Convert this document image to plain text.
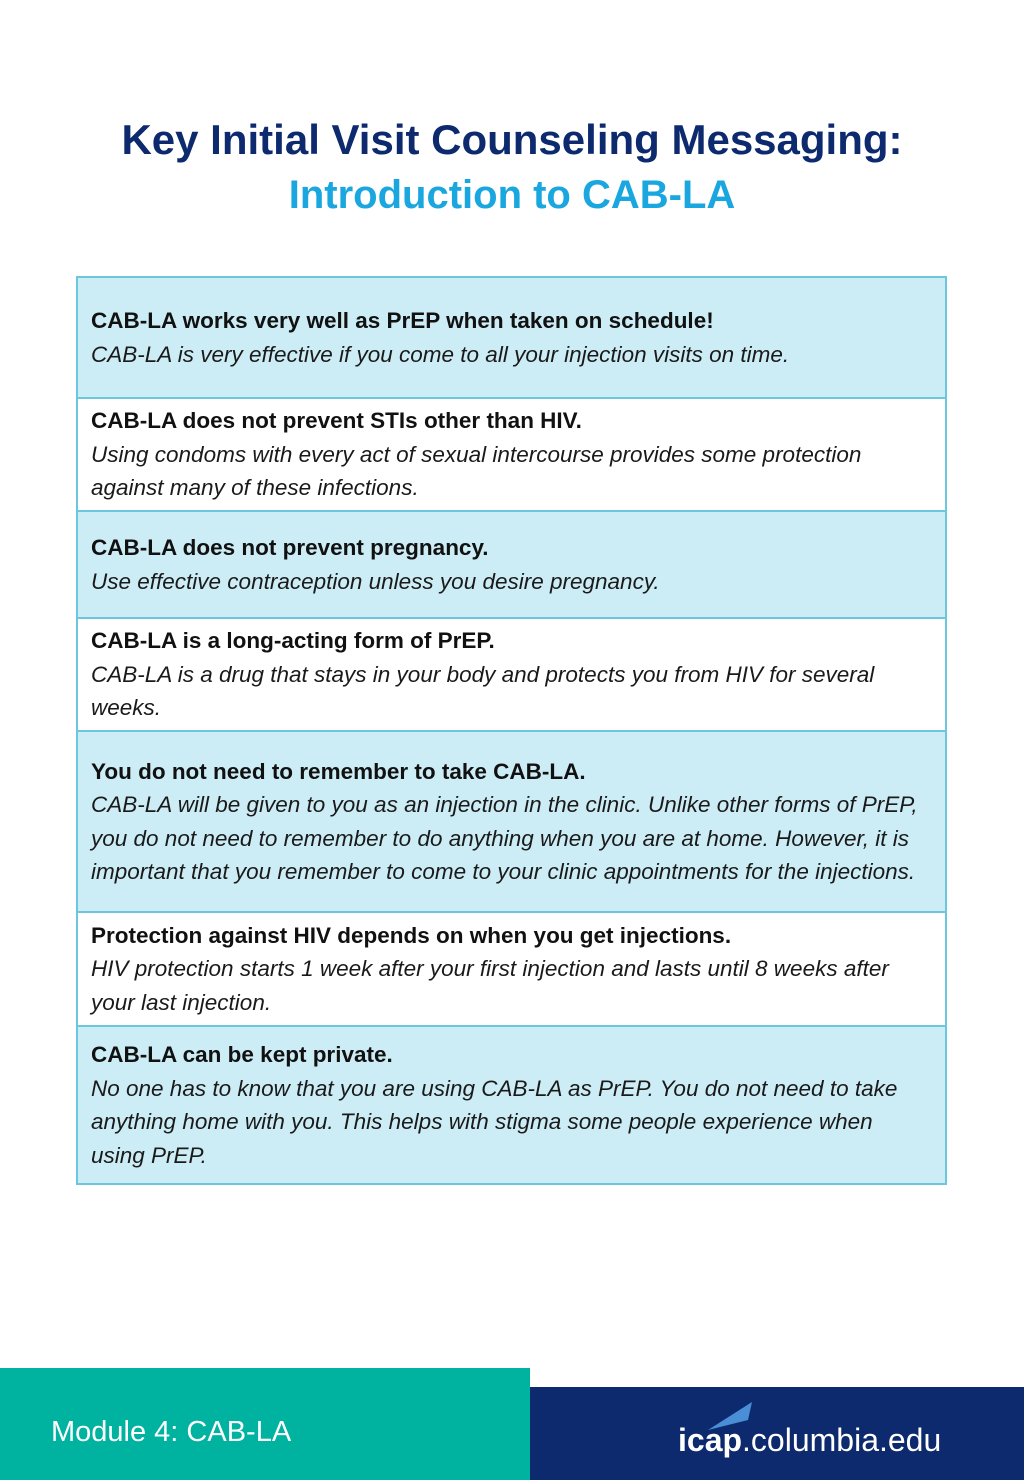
Key Initial Visit Counseling Messaging:
Introduction to CAB-LA
CAB-LA works very well as PrEP when taken on schedule!
CAB-LA is very effective if you come to all your injection visits on time.
CAB-LA does not prevent STIs other than HIV.
Using condoms with every act of sexual intercourse provides some protection against many of these infections.
CAB-LA does not prevent pregnancy.
Use effective contraception unless you desire pregnancy.
CAB-LA is a long-acting form of PrEP.
CAB-LA is a drug that stays in your body and protects you from HIV for several weeks.
You do not need to remember to take CAB-LA.
CAB-LA will be given to you as an injection in the clinic. Unlike other forms of PrEP, you do not need to remember to do anything when you are at home. However, it is important that you remember to come to your clinic appointments for the injections.
Protection against HIV depends on when you get injections.
HIV protection starts 1 week after your first injection and lasts until 8 weeks after your last injection.
CAB-LA can be kept private.
No one has to know that you are using CAB-LA as PrEP. You do not need to take anything home with you. This helps with stigma some people experience when using PrEP.
Module 4: CAB-LA	icap.columbia.edu
